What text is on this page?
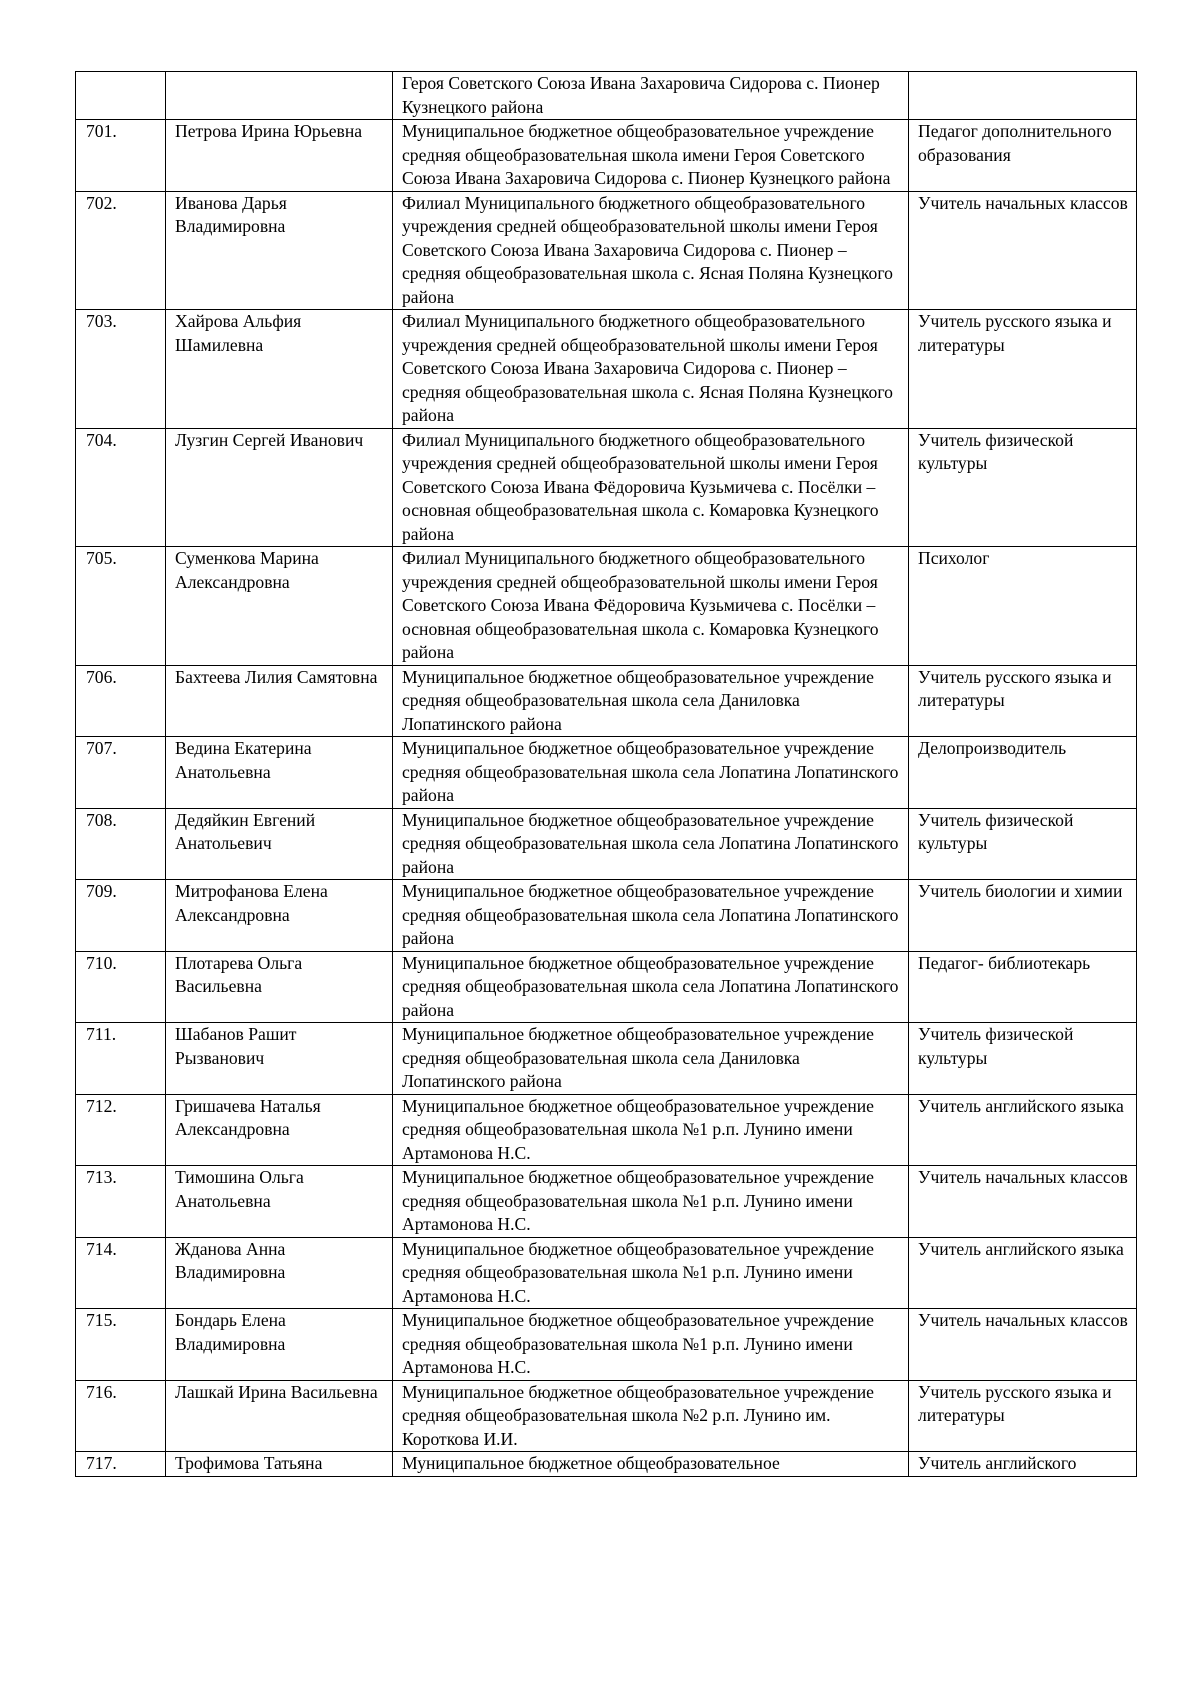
		Героя Советского Союза Ивана Захаровича Сидорова с. Пионер Кузнецкого района	
701.	Петрова Ирина Юрьевна	Муниципальное бюджетное общеобразовательное учреждение средняя общеобразовательная школа имени Героя Советского Союза Ивана Захаровича Сидорова с. Пионер Кузнецкого района	Педагог дополнительного образования
702.	Иванова Дарья Владимировна	Филиал Муниципального бюджетного общеобразовательного учреждения средней общеобразовательной школы имени Героя Советского Союза Ивана Захаровича Сидорова с. Пионер – средняя общеобразовательная школа с. Ясная Поляна Кузнецкого района	Учитель начальных классов
703.	Хайрова Альфия Шамилевна	Филиал Муниципального бюджетного общеобразовательного учреждения средней общеобразовательной школы имени Героя Советского Союза Ивана Захаровича Сидорова с. Пионер – средняя общеобразовательная школа с. Ясная Поляна Кузнецкого района	Учитель русского языка и литературы
704.	Лузгин Сергей Иванович	Филиал Муниципального бюджетного общеобразовательного учреждения средней общеобразовательной школы имени Героя Советского Союза Ивана Фёдоровича Кузьмичева с. Посёлки – основная общеобразовательная школа с. Комаровка Кузнецкого района	Учитель физической культуры
705.	Суменкова Марина Александровна	Филиал Муниципального бюджетного общеобразовательного учреждения средней общеобразовательной школы имени Героя Советского Союза Ивана Фёдоровича Кузьмичева с. Посёлки – основная общеобразовательная школа с. Комаровка Кузнецкого района	Психолог
706.	Бахтеева Лилия Самятовна	Муниципальное бюджетное общеобразовательное учреждение средняя общеобразовательная школа села Даниловка Лопатинского района	Учитель русского языка и литературы
707.	Ведина Екатерина Анатольевна	Муниципальное бюджетное общеобразовательное учреждение средняя общеобразовательная школа села Лопатина Лопатинского района	Делопроизводитель
708.	Дедяйкин Евгений Анатольевич	Муниципальное бюджетное общеобразовательное учреждение средняя общеобразовательная школа села Лопатина Лопатинского района	Учитель физической культуры
709.	Митрофанова Елена Александровна	Муниципальное бюджетное общеобразовательное учреждение средняя общеобразовательная школа села Лопатина Лопатинского района	Учитель биологии и химии
710.	Плотарева Ольга Васильевна	Муниципальное бюджетное общеобразовательное учреждение средняя общеобразовательная школа села Лопатина Лопатинского района	Педагог- библиотекарь
711.	Шабанов Рашит Рызванович	Муниципальное бюджетное общеобразовательное учреждение средняя общеобразовательная школа села Даниловка Лопатинского района	Учитель физической культуры
712.	Гришачева Наталья Александровна	Муниципальное бюджетное общеобразовательное учреждение средняя общеобразовательная школа №1 р.п. Лунино имени Артамонова Н.С.	Учитель английского языка
713.	Тимошина Ольга Анатольевна	Муниципальное бюджетное общеобразовательное учреждение средняя общеобразовательная школа №1 р.п. Лунино имени Артамонова Н.С.	Учитель начальных классов
714.	Жданова Анна Владимировна	Муниципальное бюджетное общеобразовательное учреждение средняя общеобразовательная школа №1 р.п. Лунино имени Артамонова Н.С.	Учитель английского языка
715.	Бондарь Елена Владимировна	Муниципальное бюджетное общеобразовательное учреждение средняя общеобразовательная школа №1 р.п. Лунино имени Артамонова Н.С.	Учитель начальных классов
716.	Лашкай Ирина Васильевна	Муниципальное бюджетное общеобразовательное учреждение средняя общеобразовательная школа №2 р.п. Лунино им. Короткова И.И.	Учитель русского языка и литературы
717.	Трофимова Татьяна	Муниципальное бюджетное общеобразовательное	Учитель английского
